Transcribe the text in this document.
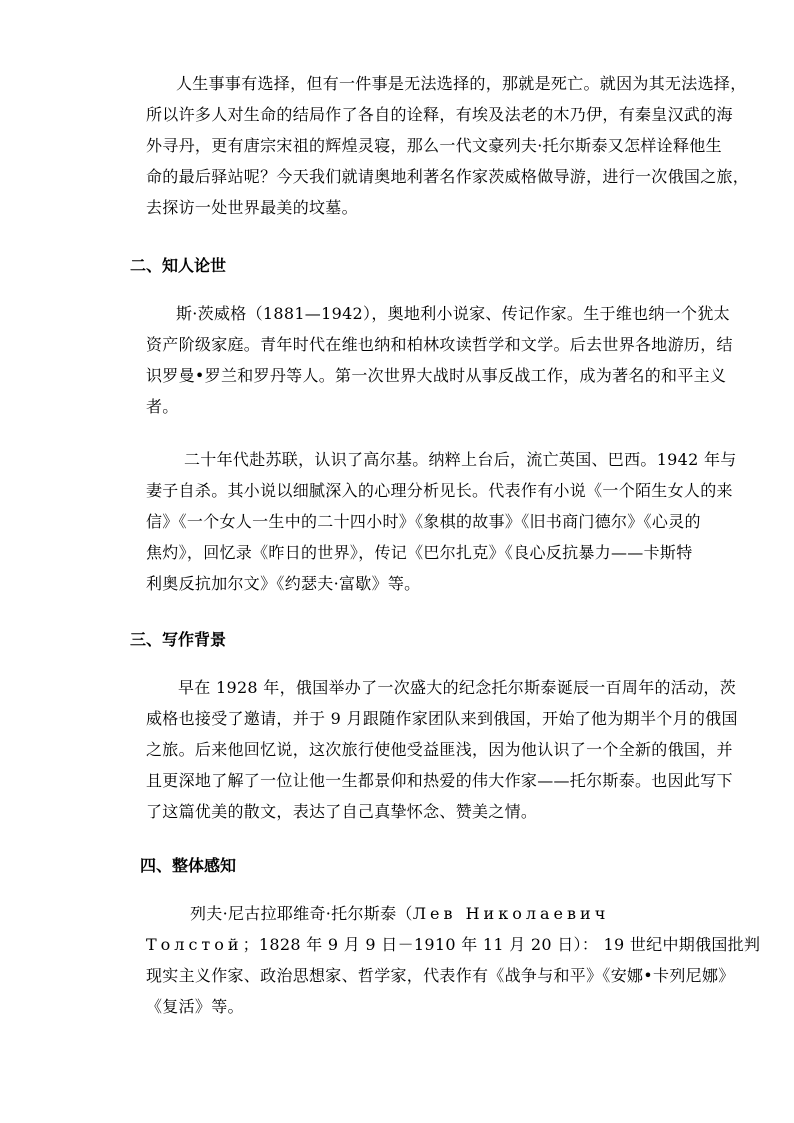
人生事事有选择，但有一件事是无法选择的，那就是死亡。就因为其无法选择，
所以许多人对生命的结局作了各自的诠释，有埃及法老的木乃伊，有秦皇汉武的海
外寻丹，更有唐宗宋祖的辉煌灵寝，那么一代文豪列夫·托尔斯泰又怎样诠释他生
命的最后驿站呢？今天我们就请奥地利著名作家茨威格做导游，进行一次俄国之旅，
去探访一处世界最美的坟墓。
二、知人论世
斯·茨威格（1881—1942），奥地利小说家、传记作家。生于维也纳一个犹太
资产阶级家庭。青年时代在维也纳和柏林攻读哲学和文学。后去世界各地游历，结
识罗曼•罗兰和罗丹等人。第一次世界大战时从事反战工作，成为著名的和平主义
者。
二十年代赴苏联，认识了高尔基。纳粹上台后，流亡英国、巴西。1942 年与
妻子自杀。其小说以细腻深入的心理分析见长。代表作有小说《一个陌生女人的来
信》《一个女人一生中的二十四小时》《象棋的故事》《旧书商门德尔》《心灵的
焦灼》，回忆录《昨日的世界》，传记《巴尔扎克》《良心反抗暴力——卡斯特
利奥反抗加尔文》《约瑟夫·富歇》等。
三、写作背景
早在 1928 年，俄国举办了一次盛大的纪念托尔斯泰诞辰一百周年的活动，茨
威格也接受了邀请，并于 9 月跟随作家团队来到俄国，开始了他为期半个月的俄国
之旅。后来他回忆说，这次旅行使他受益匪浅，因为他认识了一个全新的俄国，并
且更深地了解了一位让他一生都景仰和热爱的伟大作家——托尔斯泰。也因此写下
了这篇优美的散文，表达了自己真挚怀念、赞美之情。
四、整体感知
列夫·尼古拉耶维奇·托尔斯泰（Лев Николаевич
Толстой；1828 年 9 月 9 日－1910 年 11 月 20 日）： 19 世纪中期俄国批判
现实主义作家、政治思想家、哲学家，代表作有《战争与和平》《安娜•卡列尼娜》
《复活》等。
